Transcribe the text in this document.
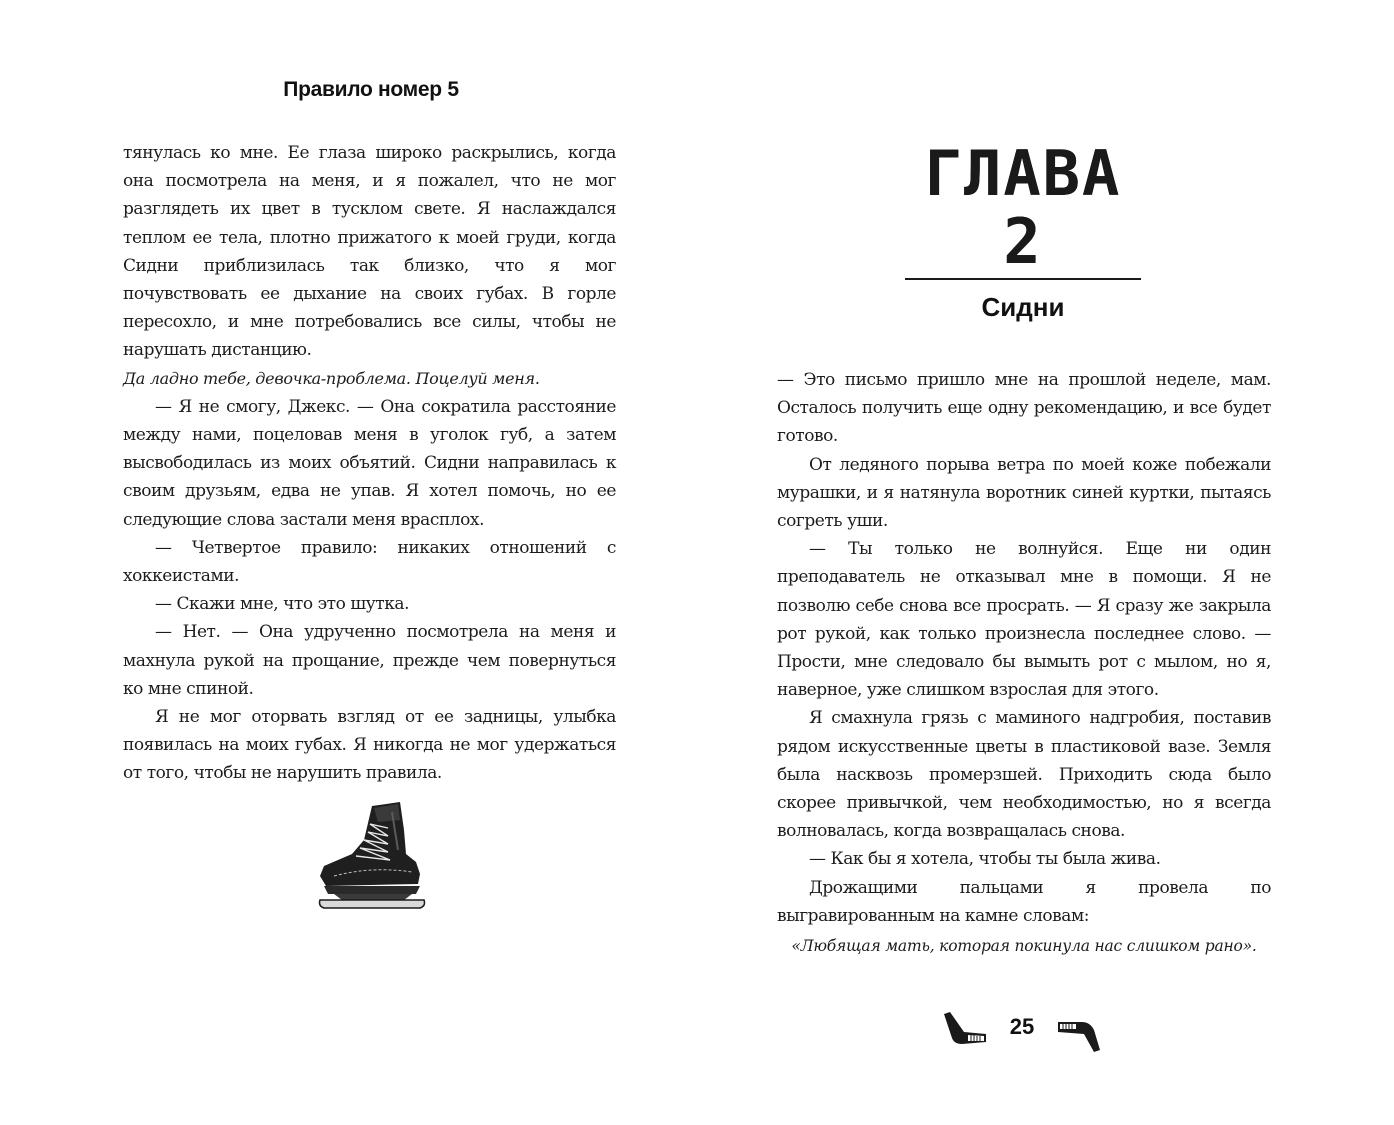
Правило номер 5

тянулась ко мне. Ее глаза широко раскрылись, когда она посмотрела на меня, и я пожалел, что не мог разглядеть их цвет в тусклом свете. Я наслаждался теплом ее тела, плотно прижатого к моей груди, когда Сидни приблизилась так близко, что я мог почувствовать ее дыхание на своих губах. В горле пересохло, и мне потребовались все силы, чтобы не нарушать дистанцию.

Да ладно тебе, девочка-проблема. Поцелуй меня.

— Я не смогу, Джекс. — Она сократила расстояние между нами, поцеловав меня в уголок губ, а затем высвободилась из моих объятий. Сидни направилась к своим друзьям, едва не упав. Я хотел помочь, но ее следующие слова застали меня врасплох.

— Четвертое правило: никаких отношений с хоккеистами.

— Скажи мне, что это шутка.

— Нет. — Она удрученно посмотрела на меня и махнула рукой на прощание, прежде чем повернуться ко мне спиной.

Я не мог оторвать взгляд от ее задницы, улыбка появилась на моих губах. Я никогда не мог удержаться от того, чтобы не нарушить правила.

ГЛАВА 2
Сидни

— Это письмо пришло мне на прошлой неделе, мам. Осталось получить еще одну рекомендацию, и все будет готово.

От ледяного порыва ветра по моей коже побежали мурашки, и я натянула воротник синей куртки, пытаясь согреть уши.

— Ты только не волнуйся. Еще ни один преподаватель не отказывал мне в помощи. Я не позволю себе снова все просрать. — Я сразу же закрыла рот рукой, как только произнесла последнее слово. — Прости, мне следовало бы вымыть рот с мылом, но я, наверное, уже слишком взрослая для этого.

Я смахнула грязь с маминого надгробия, поставив рядом искусственные цветы в пластиковой вазе. Земля была насквозь промерзшей. Приходить сюда было скорее привычкой, чем необходимостью, но я всегда волновалась, когда возвращалась снова.

— Как бы я хотела, чтобы ты была жива.

Дрожащими пальцами я провела по выгравированным на камне словам:

«Любящая мать, которая покинула нас слишком рано».

25
